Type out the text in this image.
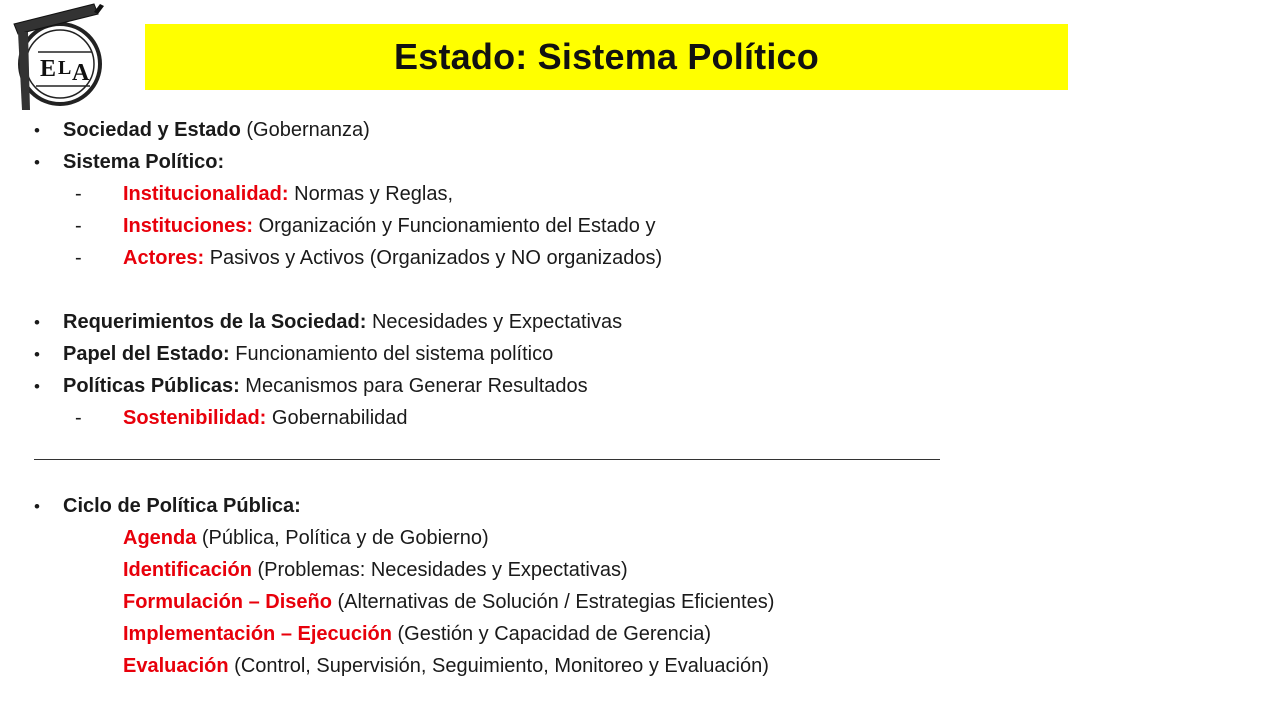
E L A	Estado: Sistema Político
• Sociedad y Estado (Gobernanza)
• Sistema Político:
- Institucionalidad: Normas y Reglas,
- Instituciones: Organización y Funcionamiento del Estado y
- Actores: Pasivos y Activos (Organizados y NO organizados)
• Requerimientos de la Sociedad: Necesidades y Expectativas
• Papel del Estado: Funcionamiento del sistema político
• Políticas Públicas: Mecanismos para Generar Resultados
- Sostenibilidad: Gobernabilidad
• Ciclo de Política Pública:
Agenda (Pública, Política y de Gobierno)
Identificación (Problemas: Necesidades y Expectativas)
Formulación – Diseño (Alternativas de Solución / Estrategias Eficientes)
Implementación – Ejecución (Gestión y Capacidad de Gerencia)
Evaluación (Control, Supervisión, Seguimiento, Monitoreo y Evaluación)
